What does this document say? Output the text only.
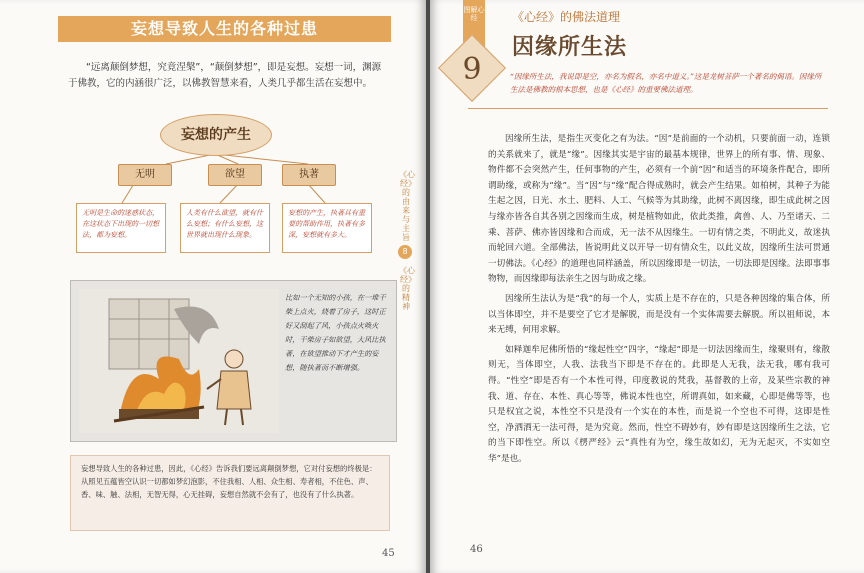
妄想导致人生的各种过患
“远离颠倒梦想，究竟涅槃”，“颠倒梦想”，即是妄想。妄想一词，渊源于佛教，它的内涵很广泛，以佛教智慧来看，人类几乎都生活在妄想中。
妄想的产生
无明	欲望	执著
无明是生命的迷惑状态，在这状态下出现的一切想法，都为妄想。
人类有什么欲望，就有什么妄想；有什么妄想，这世界就出现什么现象。
妄想的产生，执著具有重要的帮助作用，执著有多深，妄想就有多大。
比如一个无知的小孩，在一堆干柴上点火，烧着了房子，这时正好又刮起了风，小孩点火唤火时，干柴房子如欲望，大风比执著，在欲望推动下才产生的妄想，随执著而不断增强。
妄想导致人生的各种过患，因此，《心经》告诉我们要远离颠倒梦想，它对付妄想的终极是：从照见五蕴皆空认识一切都如梦幻泡影，不住我相、人相、众生相、寿者相，不住色、声、香、味、触、法相，无智无得，心无挂碍，妄想自然就不会有了，也没有了什么执著。
45
《心经》的由来与主旨
8
《心经》的精神
图解心经
9
《心经》的佛法道理
因缘所生法
“因缘所生法，我说即是空，亦名为假名，亦名中道义。”这是龙树菩萨一个著名的偈语。因缘所生法是佛教的根本思想，也是《心经》的重要佛法道理。

因缘所生法，是指生灭变化之有为法。“因”是前面的一个动机，只要前面一动，连锁的关系就来了，就是“缘”。因缘其实是宇宙的最基本规律，世界上的所有事、情、现象、物件都不会突然产生，任何事物的产生，必须有一个前“因”和适当的环境条件配合，即所谓助缘，或称为“缘”。当“因”与“缘”配合得成熟时，就会产生结果。如柏树，其种子为能生起之因，日光、水土、肥料、人工、气候等为其助缘，此树不离因缘，即生成此树之因与缘亦皆各自其各别之因缘而生成，树是植物如此，依此类推，禽兽、人、乃至诸天、二乘、菩萨、佛亦皆因缘和合而成，无一法不从因缘生。一切有情之类，不明此义，故迷执而轮回六道。全部佛法，皆说明此义以开导一切有情众生，以此义故，因缘所生法可贯通一切佛法。《心经》的道理也同样涵盖，所以因缘即是一切法，一切法即是因缘。法即事事物物，而因缘即每法亲生之因与助成之缘。

因缘所生法认为是“我”的每一个人，实质上是不存在的，只是各种因缘的集合体，所以当体即空，并不是要空了它才是解脱，而是没有一个实体需要去解脱。所以祖师说，本来无缚，何用求解。

如释迦牟尼佛所悟的“缘起性空”四字，“缘起”即是一切法因缘而生，缘聚则有，缘散则无，当体即空，人我、法我当下即是不存在的。此即是人无我，法无我，哪有我可得。“性空”即是否有一个本性可得，印度教说的梵我，基督教的上帝，及某些宗教的神我、道、存在、本性、真心等等，佛说本性也空，所谓真如，如来藏，心即是佛等等，也只是权宜之说，本性空不只是没有一个实在的本性，而是说一个空也不可得，这即是性空，净洒洒无一法可得，是为究竟。然而，性空不碍妙有，妙有即是这因缘所生之法，它的当下即性空。所以《楞严经》云“真性有为空，缘生故如幻，无为无起灭，不实如空华”是也。

46
